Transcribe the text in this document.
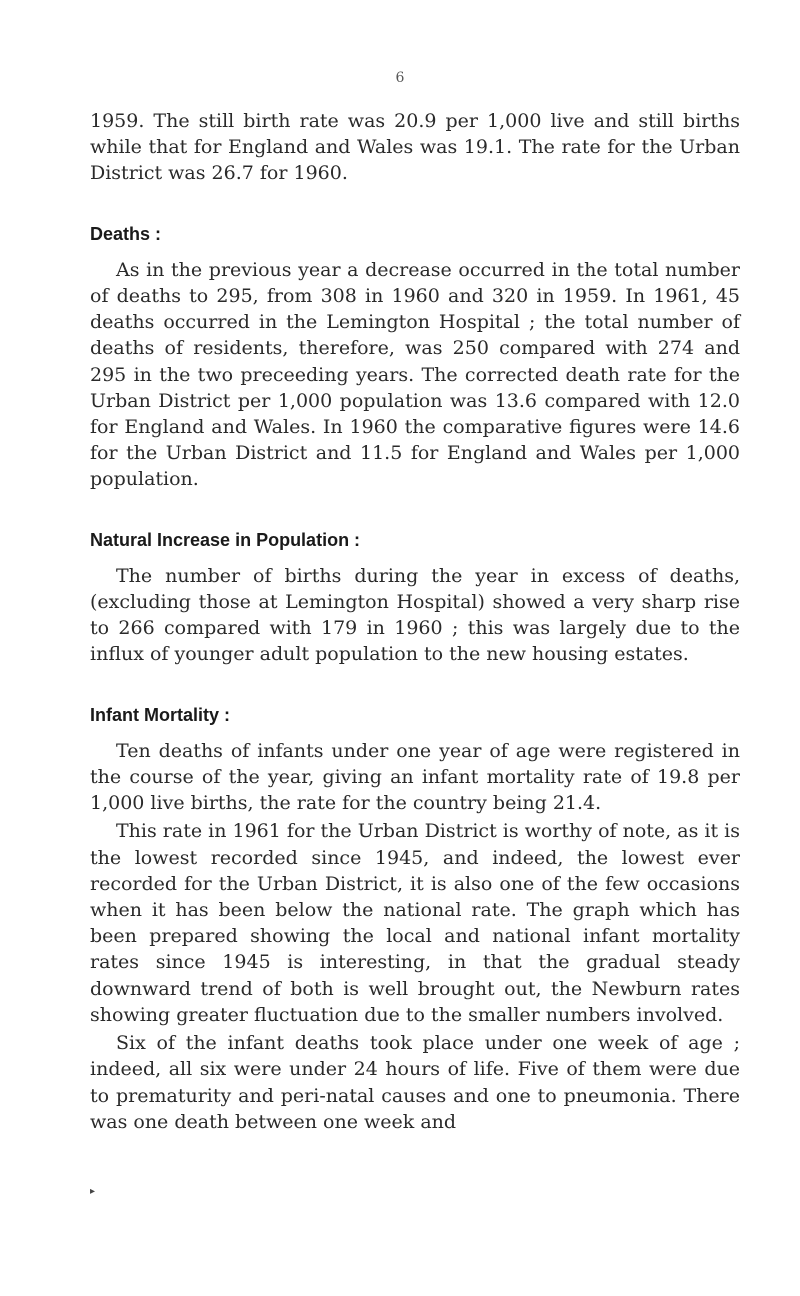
6

1959. The still birth rate was 20.9 per 1,000 live and still births while that for England and Wales was 19.1. The rate for the Urban District was 26.7 for 1960.

Deaths :

As in the previous year a decrease occurred in the total number of deaths to 295, from 308 in 1960 and 320 in 1959. In 1961, 45 deaths occurred in the Lemington Hospital ; the total number of deaths of residents, therefore, was 250 compared with 274 and 295 in the two preceeding years. The corrected death rate for the Urban District per 1,000 population was 13.6 compared with 12.0 for England and Wales. In 1960 the comparative figures were 14.6 for the Urban District and 11.5 for England and Wales per 1,000 population.

Natural Increase in Population :

The number of births during the year in excess of deaths, (excluding those at Lemington Hospital) showed a very sharp rise to 266 compared with 179 in 1960 ; this was largely due to the influx of younger adult population to the new housing estates.

Infant Mortality :

Ten deaths of infants under one year of age were registered in the course of the year, giving an infant mortality rate of 19.8 per 1,000 live births, the rate for the country being 21.4.

This rate in 1961 for the Urban District is worthy of note, as it is the lowest recorded since 1945, and indeed, the lowest ever recorded for the Urban District, it is also one of the few occasions when it has been below the national rate. The graph which has been prepared showing the local and national infant mortality rates since 1945 is interesting, in that the gradual steady downward trend of both is well brought out, the Newburn rates showing greater fluctuation due to the smaller numbers involved.

Six of the infant deaths took place under one week of age ; indeed, all six were under 24 hours of life. Five of them were due to prematurity and peri-natal causes and one to pneumonia. There was one death between one week and

▸
